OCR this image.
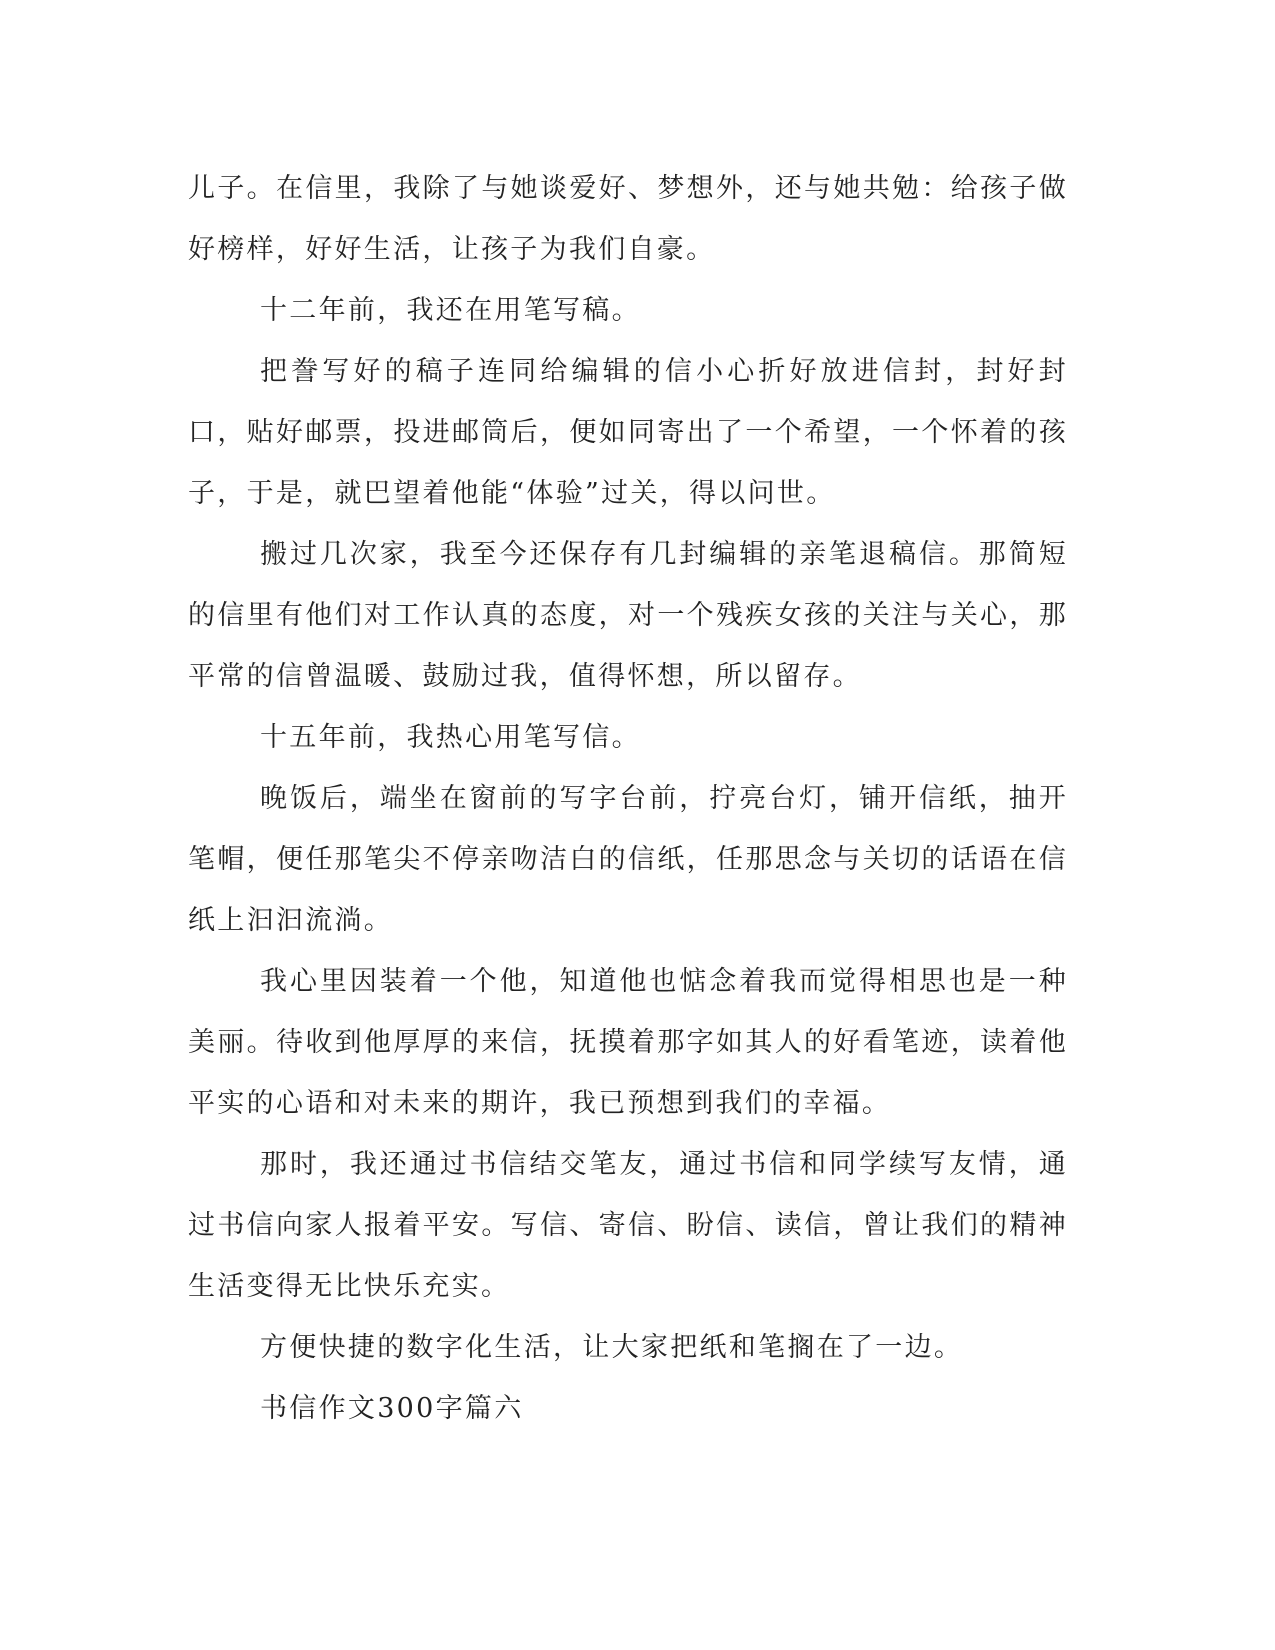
儿子。在信里，我除了与她谈爱好、梦想外，还与她共勉：给孩子做好榜样，好好生活，让孩子为我们自豪。

十二年前，我还在用笔写稿。

把誊写好的稿子连同给编辑的信小心折好放进信封，封好封口，贴好邮票，投进邮筒后，便如同寄出了一个希望，一个怀着的孩子，于是，就巴望着他能“体验”过关，得以问世。

搬过几次家，我至今还保存有几封编辑的亲笔退稿信。那简短的信里有他们对工作认真的态度，对一个残疾女孩的关注与关心，那平常的信曾温暖、鼓励过我，值得怀想，所以留存。

十五年前，我热心用笔写信。

晚饭后，端坐在窗前的写字台前，拧亮台灯，铺开信纸，抽开笔帽，便任那笔尖不停亲吻洁白的信纸，任那思念与关切的话语在信纸上汩汩流淌。

我心里因装着一个他，知道他也惦念着我而觉得相思也是一种美丽。待收到他厚厚的来信，抚摸着那字如其人的好看笔迹，读着他平实的心语和对未来的期许，我已预想到我们的幸福。

那时，我还通过书信结交笔友，通过书信和同学续写友情，通过书信向家人报着平安。写信、寄信、盼信、读信，曾让我们的精神生活变得无比快乐充实。

方便快捷的数字化生活，让大家把纸和笔搁在了一边。

书信作文300字篇六
